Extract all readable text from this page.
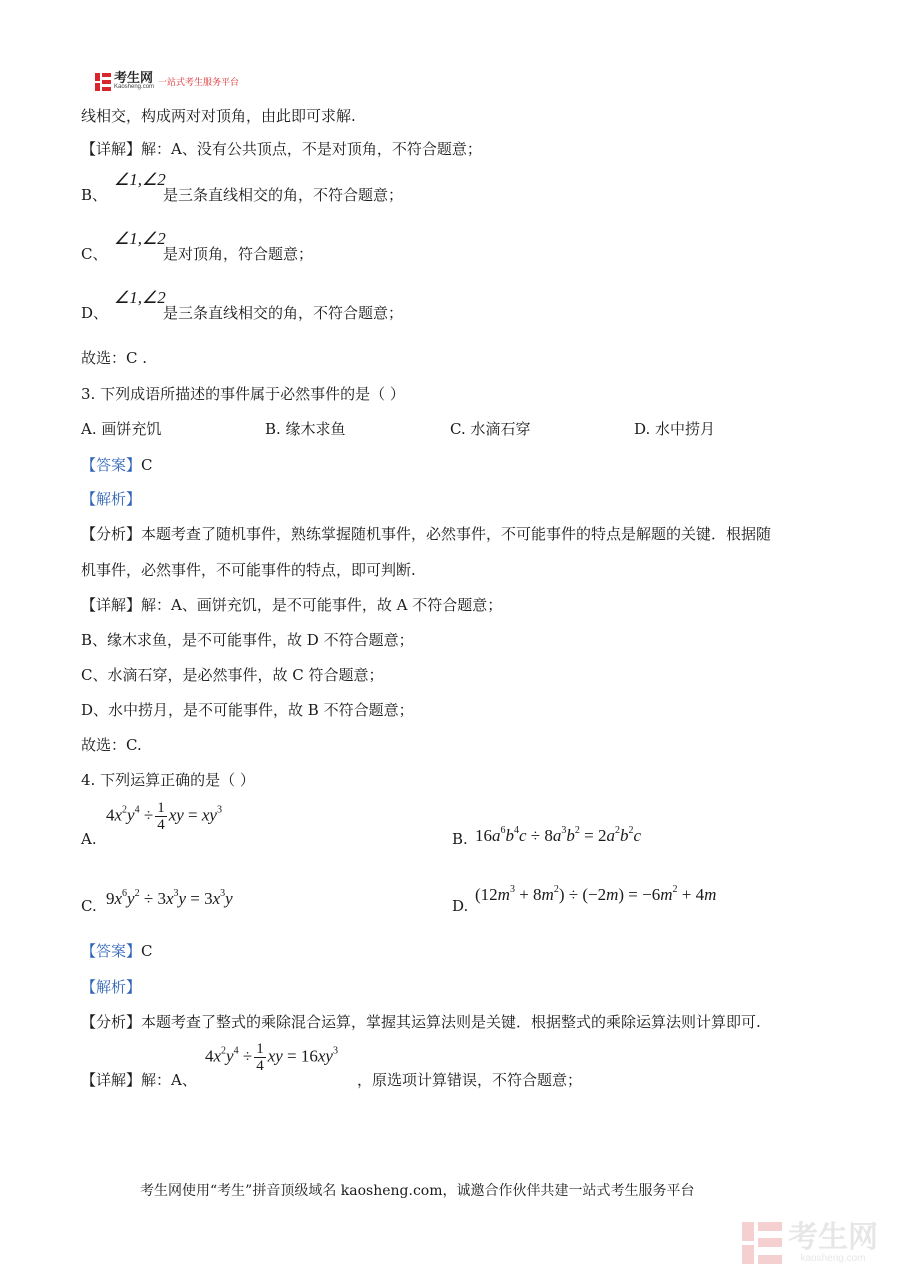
考生网
Kaosheng.com 一站式考生服务平台
线相交，构成两对对顶角，由此即可求解.
【详解】解：A、没有公共顶点，不是对顶角，不符合题意；
B、
∠1,∠2
是三条直线相交的角，不符合题意；
C、
∠1,∠2
是对顶角，符合题意；
D、
∠1,∠2
是三条直线相交的角，不符合题意；
故选：C .
3. 下列成语所描述的事件属于必然事件的是（ ）
A. 画饼充饥	B. 缘木求鱼	C. 水滴石穿	D. 水中捞月
【答案】C
【解析】
【分析】本题考查了随机事件，熟练掌握随机事件，必然事件，不可能事件的特点是解题的关键．根据随
机事件，必然事件，不可能事件的特点，即可判断.
【详解】解：A、画饼充饥，是不可能事件，故 A 不符合题意；
B、缘木求鱼，是不可能事件，故 D 不符合题意；
C、水滴石穿，是必然事件，故 C 符合题意；
D、水中捞月，是不可能事件，故 B 不符合题意；
故选：C.
4. 下列运算正确的是（ ）
A.
$4x^2y^4 \div \frac{1}{4}$ xy = $xy^3$
B. $16a^6b^4c \div 8a^3b^2 = 2a^2b^2c$
C. $9x^6y^2 \div 3x^3y = 3x^3y$	D.
$(12m^3 + 8m^2) \div (-2m) = -6m^2 + 4m$
【答案】C
【解析】
【分析】本题考查了整式的乘除混合运算，掌握其运算法则是关键．根据整式的乘除运算法则计算即可.
【详解】解：A、
$4x^2y^4 \div \frac{1}{4}$ xy = $16xy^3$
，原选项计算错误，不符合题意；
考生网使用“考生”拼音顶级域名 kaosheng.com，诚邀合作伙伴共建一站式考生服务平台
考生网
kaosheng.com
